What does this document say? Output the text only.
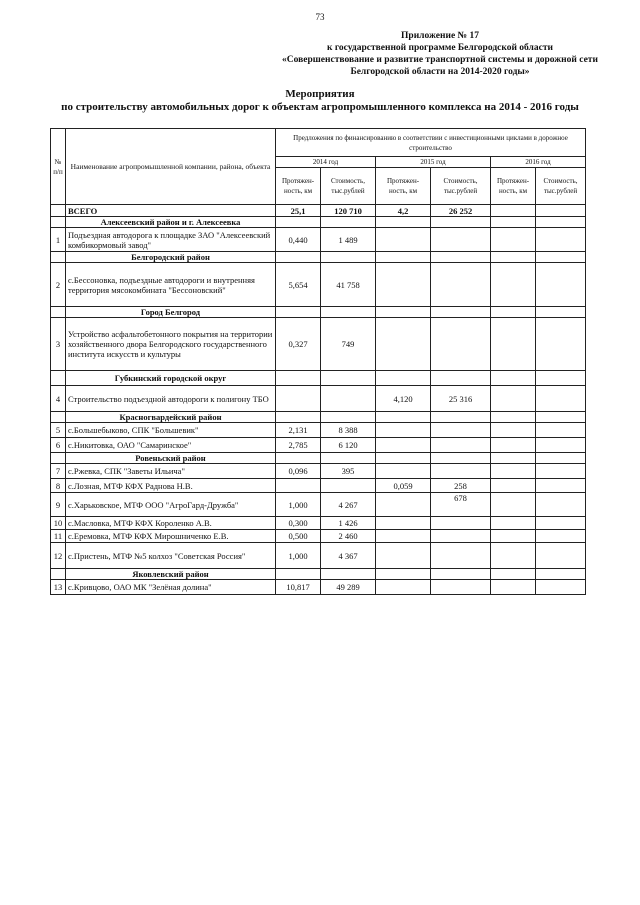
73
Приложение № 17
к государственной программе Белгородской области
«Совершенствование и развитие транспортной системы и дорожной сети
Белгородской области на 2014-2020 годы»
Мероприятия
по строительству автомобильных дорог к объектам агропромышленного комплекса на 2014 - 2016 годы
№ п/п	Наименование агропромышленной компании, района, объекта	Предложения по финансированию в соответствии с инвестиционными циклами в дорожное строительство					
		2014 год		2015 год		2016 год	
		Протяжен-ность, км	Стоимость, тыс.рублей	Протяжен-ность, км	Стоимость, тыс.рублей	Протяжен-ность, км	Стоимость, тыс.рублей
	ВСЕГО	25,1	120 710	4,2	26 252		
	Алексеевский район и г. Алексеевка						
1	Подъездная автодорога к площадке ЗАО "Алексеевский комбикормовый завод"	0,440	1 489				
	Белгородский район						
2	с.Бессоновка, подъездные автодороги и внутренняя территория мясокомбината "Бессоновский"	5,654	41 758				
	Город Белгород						
3	Устройство асфальтобетонного покрытия на территории хозяйственного двора Белгородского государственного института искусств и культуры	0,327	749				
	Губкинский городской округ						
4	Строительство подъездной автодороги к полигону ТБО			4,120	25 316		
	Красногвардейский район						
5	с.Большебыково, СПК "Большевик"	2,131	8 388				
6	с.Никитовка, ОАО "Самаринское"	2,785	6 120				
	Ровеньский район						
7	с.Ржевка, СПК "Заветы Ильича"	0,096	395				
8	с.Лозная, МТФ КФХ Раднова Н.В.			0,059	258		
9	с.Харьковское, МТФ ООО "АгроГард-Дружба"	1,000	4 267		678		
10	с.Масловка, МТФ КФХ Короленко А.В.	0,300	1 426				
11	с.Еремовка, МТФ КФХ Мирошниченко Е.В.	0,500	2 460				
12	с.Пристень, МТФ №5 колхоз "Советская Россия"	1,000	4 367				
	Яковлевский район						
13	с.Кривцово, ОАО МК "Зелёная долина"	10,817	49 289				
